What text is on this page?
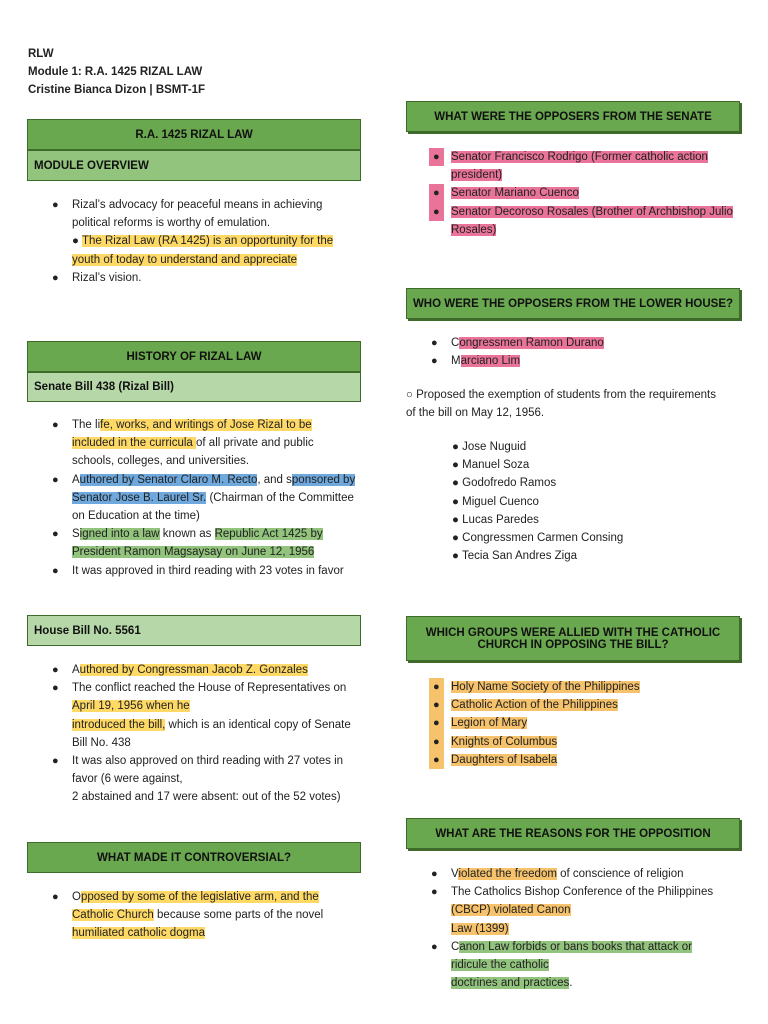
RLW
Module 1: R.A. 1425 RIZAL LAW
Cristine Bianca Dizon | BSMT-1F
R.A. 1425 RIZAL LAW
MODULE OVERVIEW
● Rizal’s advocacy for peaceful means in achieving
political reforms is worthy of emulation.
● The Rizal Law (RA 1425) is an opportunity for the
youth of today to understand and appreciate
● Rizal’s vision.
HISTORY OF RIZAL LAW
Senate Bill 438 (Rizal Bill)
● The life, works, and writings of Jose Rizal to be
included in the curricula of all private and public
schools, colleges, and universities.
● Authored by Senator Claro M. Recto, and sponsored by
Senator Jose B. Laurel Sr. (Chairman of the Committee
on Education at the time)
● Signed into a law known as Republic Act 1425 by
President Ramon Magsaysay on June 12, 1956
● It was approved in third reading with 23 votes in favor
House Bill No. 5561
● Authored by Congressman Jacob Z. Gonzales
● The conflict reached the House of Representatives on
April 19, 1956 when he
introduced the bill, which is an identical copy of Senate
Bill No. 438
● It was also approved on third reading with 27 votes in
favor (6 were against,
2 abstained and 17 were absent: out of the 52 votes)
WHAT MADE IT CONTROVERSIAL?
● Opposed by some of the legislative arm, and the
Catholic Church because some parts of the novel
humiliated catholic dogma
WHAT WERE THE OPPOSERS FROM THE SENATE
● Senator Francisco Rodrigo (Former catholic action
president)
● Senator Mariano Cuenco
● Senator Decoroso Rosales (Brother of Archbishop Julio
Rosales)
WHO WERE THE OPPOSERS FROM THE LOWER HOUSE?
● Congressmen Ramon Durano
● Marciano Lim
○ Proposed the exemption of students from the requirements
of the bill on May 12, 1956.
● Jose Nuguid
● Manuel Soza
● Godofredo Ramos
● Miguel Cuenco
● Lucas Paredes
● Congressmen Carmen Consing
● Tecia San Andres Ziga
WHICH GROUPS WERE ALLIED WITH THE CATHOLIC
CHURCH IN OPPOSING THE BILL?
● Holy Name Society of the Philippines
● Catholic Action of the Philippines
● Legion of Mary
● Knights of Columbus
● Daughters of Isabela
WHAT ARE THE REASONS FOR THE OPPOSITION
● Violated the freedom of conscience of religion
● The Catholics Bishop Conference of the Philippines
(CBCP) violated Canon
Law (1399)
● Canon Law forbids or bans books that attack or
ridicule the catholic
doctrines and practices.
